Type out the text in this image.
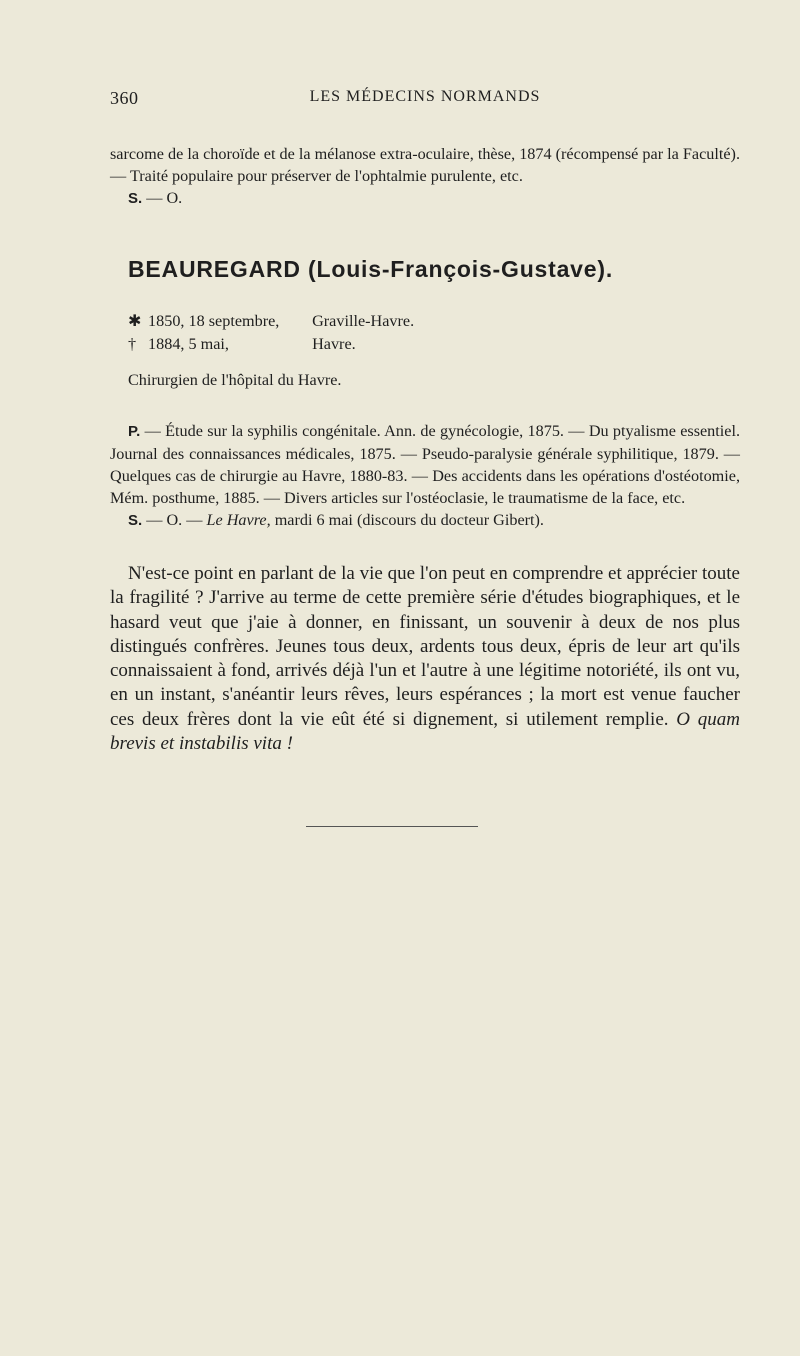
360	LES MÉDECINS NORMANDS

sarcome de la choroïde et de la mélanose extra-oculaire, thèse, 1874 (récompensé par la Faculté). — Traité populaire pour préserver de l'ophtalmie purulente, etc.

S. — O.
BEAUREGARD (Louis-François-Gustave).
✱ 1850, 18 septembre, Graville-Havre.
† 1884, 5 mai,	Havre.
Chirurgien de l'hôpital du Havre.

P. — Étude sur la syphilis congénitale. Ann. de gynécologie, 1875. — Du ptyalisme essentiel. Journal des connaissances médicales, 1875. — Pseudo-paralysie générale syphilitique, 1879. — Quelques cas de chirurgie au Havre, 1880-83. — Des accidents dans les opérations d'ostéotomie, Mém. posthume, 1885. — Divers articles sur l'ostéoclasie, le traumatisme de la face, etc.

S. — O. — Le Havre, mardi 6 mai (discours du docteur Gibert).
N'est-ce point en parlant de la vie que l'on peut en comprendre et apprécier toute la fragilité ? J'arrive au terme de cette première série d'études biographiques, et le hasard veut que j'aie à donner, en finissant, un souvenir à deux de nos plus distingués confrères. Jeunes tous deux, ardents tous deux, épris de leur art qu'ils connaissaient à fond, arrivés déjà l'un et l'autre à une légitime notoriété, ils ont vu, en un instant, s'anéantir leurs rêves, leurs espérances ; la mort est venue faucher ces deux frères dont la vie eût été si dignement, si utilement remplie. O quam brevis et instabilis vita !
